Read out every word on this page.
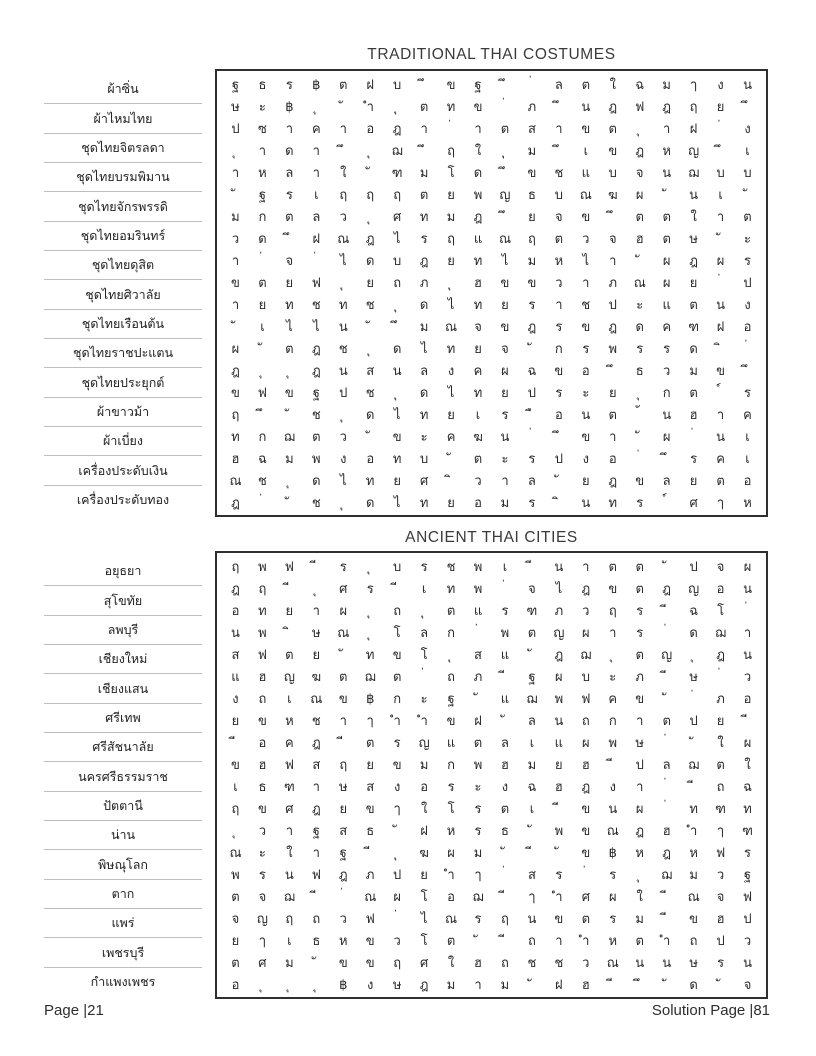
TRADITIONAL THAI COSTUMES
ผ้าซิ่น
ผ้าไหมไทย
ชุดไทยจิตรลดา
ชุดไทยบรมพิมาน
ชุดไทยจักรพรรดิ
ชุดไทยอมรินทร์
ชุดไทยดุสิต
ชุดไทยศิวาลัย
ชุดไทยเรือนต้น
ชุดไทยราชปะแตน
ชุดไทยประยุกต์
ผ้าขาวม้า
ผ้าเบี่ยง
เครื่องประดับเงิน
เครื่องประดับทอง
ฐ	ธ	ร	฿	ต	ฝ	บ	ข	ฐ	ล	ต	ใ	ฉ	ม	ๅ	ง	น
ษ	ะ	฿	ำ	ต	ท	ข	ภ	น	ฎ	ฟ	ฎ	ฤ	ย
ป	ซ	า	ค	า	อ	ฎ	า	า	ต	ส	า	ข	ต	า	ฝ	ง
า	ด	า	ฌ	ฤ	ใ	ม	เ	ข	ฎ	ห	ญ	เ
า	ห	ล	า	ใ	ฑ	ม	โ	ด	ข	ช	แ	บ	จ	น	ฌ	บ	บ
ฐ	ร	เ	ฤ	ฤ	ฤ	ต	ย	พ	ญ	ธ	บ	ณ	ฆ	ผ	น	เ
ม	ก	ต	ล	ว	ศ	ท	ม	ฎ	ย	จ	ข	ต	ต	ใ	า	ต
ว	ด	ฝ	ณ	ฎ	ไ	ร	ฤ	แ	ณ	ฤ	ต	ว	จ	ฮ	ต	ษ	ะ
า	จ	ไ	ด	บ	ฎ	ย	ท	ไ	ม	ห	ไ	า	ผ	ฎ	ผ	ร
ข	ต	ย	ฟ	ย	ถ	ภ	ฮ	ข	ข	ว	า	ภ	ณ	ผ	ย	ป
า	ย	ท	ช	ท	ช	ด	ไ	ท	ย	ร	า	ช	ป	ะ	แ	ต	น	ง
เ	ไ	ไ	น	ม	ณ	จ	ข	ฎ	ร	ข	ฎ	ด	ค	ฑ	ฝ	อ
ผ	ต	ฎ	ช	ด	ไ	ท	ย	จ	ก	ร	พ	ร	ร	ด
ฎ	ฎ	น	ส	น	ล	ง	ค	ผ	ฉ	ข	อ	ธ	ว	ม	ข
ข	ฟ	ข	ฐ	ป	ช	ด	ไ	ท	ย	ป	ร	ะ	ย	ก	ต	ร
ฤ	ช	ด	ไ	ท	ย	เ	ร	อ	น	ต	น	ฮ	า	ค
ท	ก	ฌ	ต	ว	ข	ะ	ค	ฆ	น	ข	า	ผ	น	เ
ฮ	ฉ	ม	พ	ง	อ	ท	บ	ต	ะ	ร	ป	ง	อ	ร	ค	เ
ณ	ช	ด	ไ	ท	ย	ศ	ว	า	ล	ย	ฎ	ข	ล	ย	ต	อ
ฎ	ช	ด	ไ	ท	ย	อ	ม	ร	น	ท	ร	ศ	ๅ	ห
ANCIENT THAI CITIES
อยุธยา
สุโขทัย
ลพบุรี
เชียงใหม่
เชียงแสน
ศรีเทพ
ศรีสัชนาลัย
นครศรีธรรมราช
ปัตตานี
น่าน
พิษณุโลก
ตาก
แพร่
เพชรบุรี
กำแพงเพชร
ฤ	พ	ฟ	ร	บ	ร	ช	พ	เ	น	า	ต	ต	ป	จ	ผ
ฎ	ฤ	ศ	ร	เ	ท	พ	จ	ไ	ฎ	ข	ต	ฎ	ญ	อ	น
อ	ท	ย	า	ผ	ถ	ต	แ	ร	ฑ	ภ	ว	ฤ	ร	ฉ	โ
น	พ	ษ	ณ	โ	ล	ก	พ	ต	ญ	ผ	า	ร	ด	ฌ	า
ส	ฟ	ต	ย	ท	ข	โ	ส	แ	ฎ	ฌ	ต	ญ	ฎ	น
แ	ฮ	ญ	ฆ	ต	ฌ	ต	ถ	ภ	ฐ	ผ	บ	ะ	ภ	ษ	ว
ง	ถ	เ	ณ	ข	฿	ก	ะ	ฐ	แ	ฌ	พ	ฟ	ค	ข	ภ	อ
ย	ข	ห	ช	า	ๅ	ำ	ำ	ข	ฝ	ล	น	ถ	ก	า	ต	ป	ย
อ	ค	ฎ	ต	ร	ญ	แ	ต	ล	เ	แ	ผ	พ	ษ	ใ	ผ
ข	ฮ	ฟ	ส	ฤ	ย	ข	ม	ก	พ	ฮ	ม	ย	ฮ	ป	ล	ฌ	ต	ใ
เ	ธ	ฑ	า	ษ	ส	ง	อ	ร	ะ	ง	ฉ	ฮ	ฎ	ง	า	ถ	ฉ
ฤ	ข	ศ	ฎ	ย	ข	ๅ	ใ	โ	ร	ต	เ	ข	น	ผ	ท	ฑ	ท
ว	า	ฐ	ส	ธ	ฝ	ห	ร	ธ	พ	ข	ณ	ฎ	ฮ	ำ	ๅ	ฑ
ณ	ะ	ใ	า	ฐ	ฆ	ผ	ม	ข	฿	ห	ฎ	ห	ฟ	ร
พ	ร	น	ฟ	ฎ	ภ	ป	ย	ำ	ๅ	ส	ร	ร	ฌ	ม	ว	ฐ
ต	จ	ฌ	ณ	ผ	โ	อ	ฌ	ๅ	ำ	ศ	ผ	ใ	ณ	จ	ฟ
จ	ญ	ฤ	ถ	ว	ฟ	ไ	ณ	ร	ฤ	น	ข	ต	ร	ม	ข	ฮ	ป
ย	ๅ	เ	ธ	ห	ข	ว	โ	ต	ถ	า	ำ	ห	ต	ำ	ถ	ป	ว
ต	ศ	ม	ข	ข	ฤ	ศ	ใ	ฮ	ถ	ช	ช	ว	ณ	น	น	ษ	ร	น
อ	฿	ง	ษ	ฎ	ม	า	ม	ฝ	ฮ	ด	จ
Page |21	Solution Page |81
